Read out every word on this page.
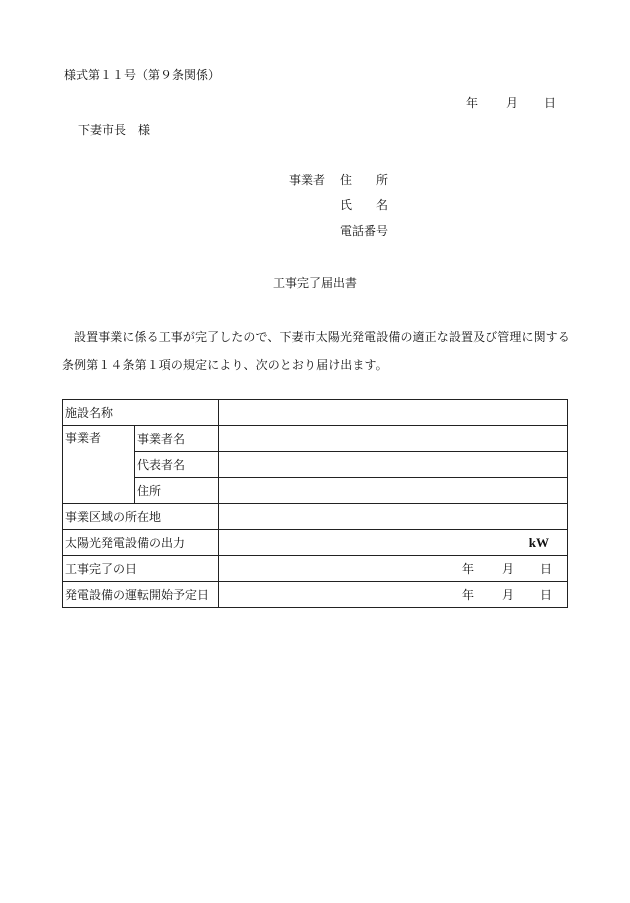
様式第１１号（第９条関係）
年 月 日
下妻市長　様
事業者 住　　所
氏　　名
電話番号
工事完了届出書
設置事業に係る工事が完了したので、下妻市太陽光発電設備の適正な設置及び管理に関する条例第１４条第１項の規定により、次のとおり届け出ます。
施設名称		
事業者	事業者名	
	代表者名	
	住所	
事業区域の所在地		
太陽光発電設備の出力		kW

工事完了の日		年 月 日

発電設備の運転開始予定日		年 月 日
